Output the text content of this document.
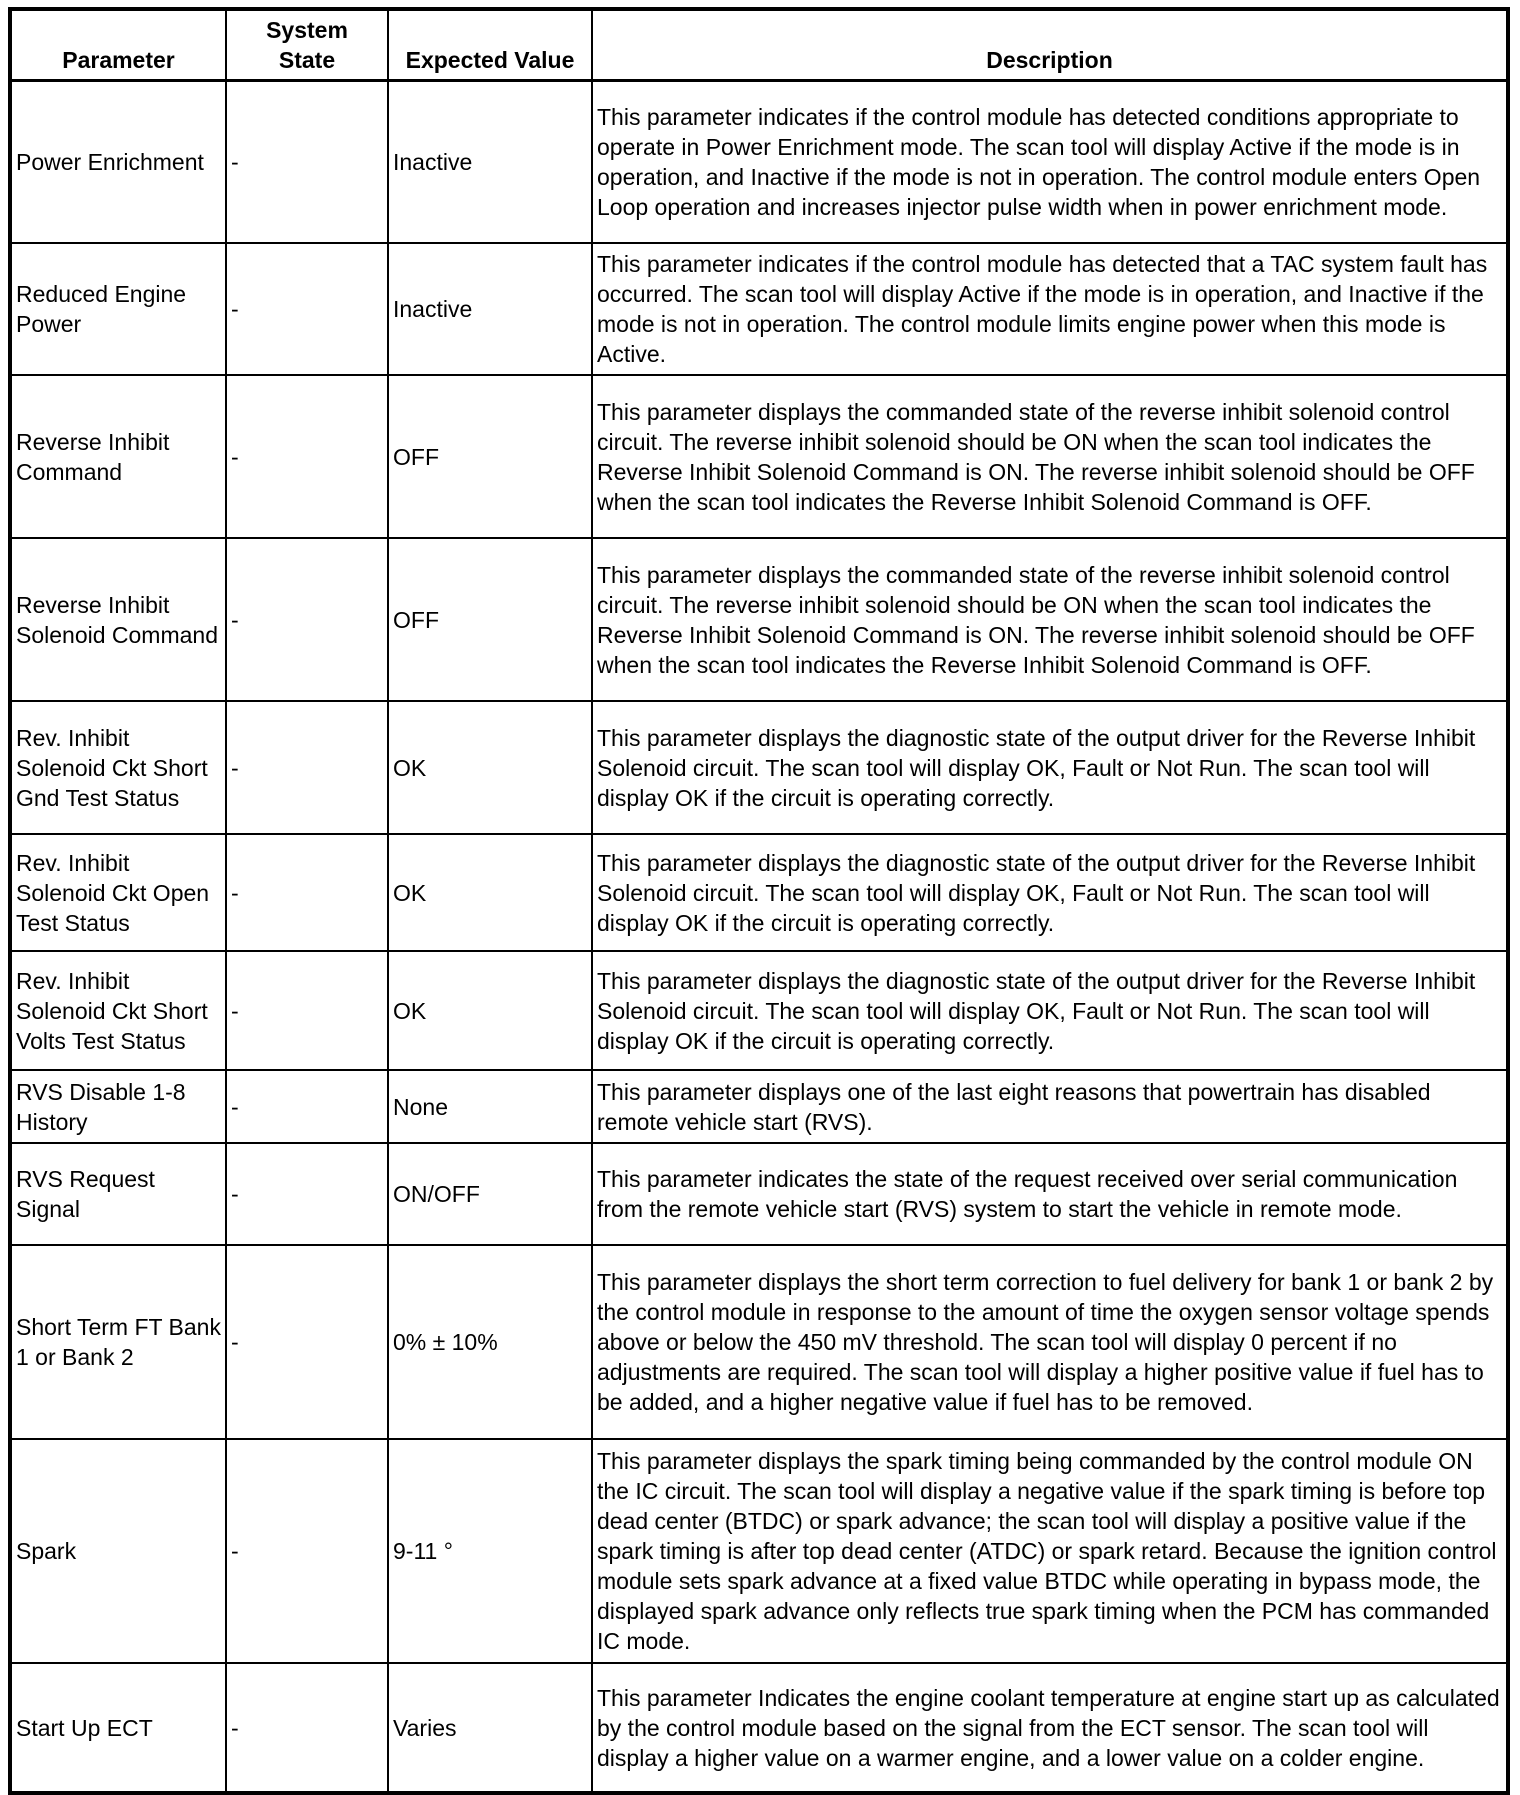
Parameter	System State	Expected Value	Description
Power Enrichment	-	Inactive	This parameter indicates if the control module has detected conditions appropriate to operate in Power Enrichment mode. The scan tool will display Active if the mode is in operation, and Inactive if the mode is not in operation. The control module enters Open Loop operation and increases injector pulse width when in power enrichment mode.
Reduced Engine Power	-	Inactive	This parameter indicates if the control module has detected that a TAC system fault has occurred. The scan tool will display Active if the mode is in operation, and Inactive if the mode is not in operation. The control module limits engine power when this mode is Active.
Reverse Inhibit Command	-	OFF	This parameter displays the commanded state of the reverse inhibit solenoid control circuit. The reverse inhibit solenoid should be ON when the scan tool indicates the Reverse Inhibit Solenoid Command is ON. The reverse inhibit solenoid should be OFF when the scan tool indicates the Reverse Inhibit Solenoid Command is OFF.
Reverse Inhibit Solenoid Command	-	OFF	This parameter displays the commanded state of the reverse inhibit solenoid control circuit. The reverse inhibit solenoid should be ON when the scan tool indicates the Reverse Inhibit Solenoid Command is ON. The reverse inhibit solenoid should be OFF when the scan tool indicates the Reverse Inhibit Solenoid Command is OFF.
Rev. Inhibit Solenoid Ckt Short Gnd Test Status	-	OK	This parameter displays the diagnostic state of the output driver for the Reverse Inhibit Solenoid circuit. The scan tool will display OK, Fault or Not Run. The scan tool will display OK if the circuit is operating correctly.
Rev. Inhibit Solenoid Ckt Open Test Status	-	OK	This parameter displays the diagnostic state of the output driver for the Reverse Inhibit Solenoid circuit. The scan tool will display OK, Fault or Not Run. The scan tool will display OK if the circuit is operating correctly.
Rev. Inhibit Solenoid Ckt Short Volts Test Status	-	OK	This parameter displays the diagnostic state of the output driver for the Reverse Inhibit Solenoid circuit. The scan tool will display OK, Fault or Not Run. The scan tool will display OK if the circuit is operating correctly.
RVS Disable 1-8 History	-	None	This parameter displays one of the last eight reasons that powertrain has disabled remote vehicle start (RVS).
RVS Request Signal	-	ON/OFF	This parameter indicates the state of the request received over serial communication from the remote vehicle start (RVS) system to start the vehicle in remote mode.
Short Term FT Bank 1 or Bank 2	-	0% ± 10%	This parameter displays the short term correction to fuel delivery for bank 1 or bank 2 by the control module in response to the amount of time the oxygen sensor voltage spends above or below the 450 mV threshold. The scan tool will display 0 percent if no adjustments are required. The scan tool will display a higher positive value if fuel has to be added, and a higher negative value if fuel has to be removed.
Spark	-	9-11 °	This parameter displays the spark timing being commanded by the control module ON the IC circuit. The scan tool will display a negative value if the spark timing is before top dead center (BTDC) or spark advance; the scan tool will display a positive value if the spark timing is after top dead center (ATDC) or spark retard. Because the ignition control module sets spark advance at a fixed value BTDC while operating in bypass mode, the displayed spark advance only reflects true spark timing when the PCM has commanded IC mode.
Start Up ECT	-	Varies	This parameter Indicates the engine coolant temperature at engine start up as calculated by the control module based on the signal from the ECT sensor. The scan tool will display a higher value on a warmer engine, and a lower value on a colder engine.
